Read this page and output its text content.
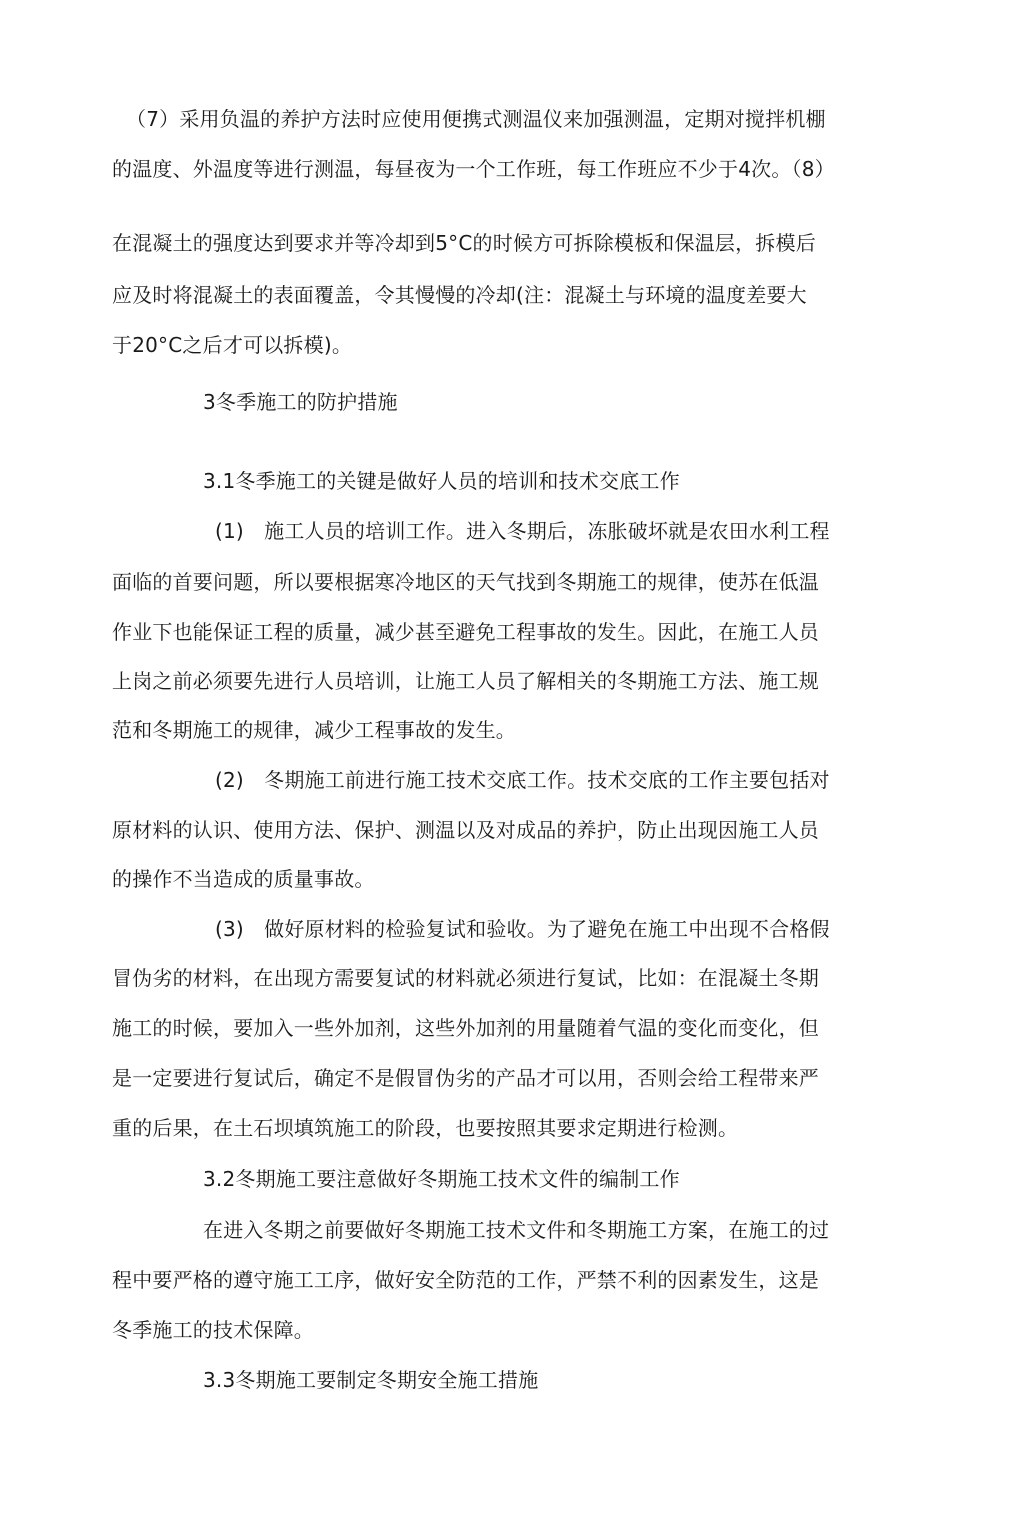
（7）采用负温的养护方法时应使用便携式测温仪来加强测温，定期对搅拌机棚
的温度、外温度等进行测温，每昼夜为一个工作班，每工作班应不少于4次。（8）
在混凝土的强度达到要求并等冷却到5°C的时候方可拆除模板和保温层，拆模后
应及时将混凝土的表面覆盖，令其慢慢的冷却(注：混凝土与环境的温度差要大
于20°C之后才可以拆模)。
3冬季施工的防护措施
3.1冬季施工的关键是做好人员的培训和技术交底工作
(1)　施工人员的培训工作。进入冬期后，冻胀破坏就是农田水利工程
面临的首要问题，所以要根据寒冷地区的天气找到冬期施工的规律，使苏在低温
作业下也能保证工程的质量，减少甚至避免工程事故的发生。因此，在施工人员
上岗之前必须要先进行人员培训，让施工人员了解相关的冬期施工方法、施工规
范和冬期施工的规律，减少工程事故的发生。
(2)　冬期施工前进行施工技术交底工作。技术交底的工作主要包括对
原材料的认识、使用方法、保护、测温以及对成品的养护，防止出现因施工人员
的操作不当造成的质量事故。
(3)　做好原材料的检验复试和验收。为了避免在施工中出现不合格假
冒伪劣的材料，在出现方需要复试的材料就必须进行复试，比如：在混凝土冬期
施工的时候，要加入一些外加剂，这些外加剂的用量随着气温的变化而变化，但
是一定要进行复试后，确定不是假冒伪劣的产品才可以用，否则会给工程带来严
重的后果，在土石坝填筑施工的阶段，也要按照其要求定期进行检测。
3.2冬期施工要注意做好冬期施工技术文件的编制工作
在进入冬期之前要做好冬期施工技术文件和冬期施工方案，在施工的过
程中要严格的遵守施工工序，做好安全防范的工作，严禁不利的因素发生，这是
冬季施工的技术保障。
3.3冬期施工要制定冬期安全施工措施
